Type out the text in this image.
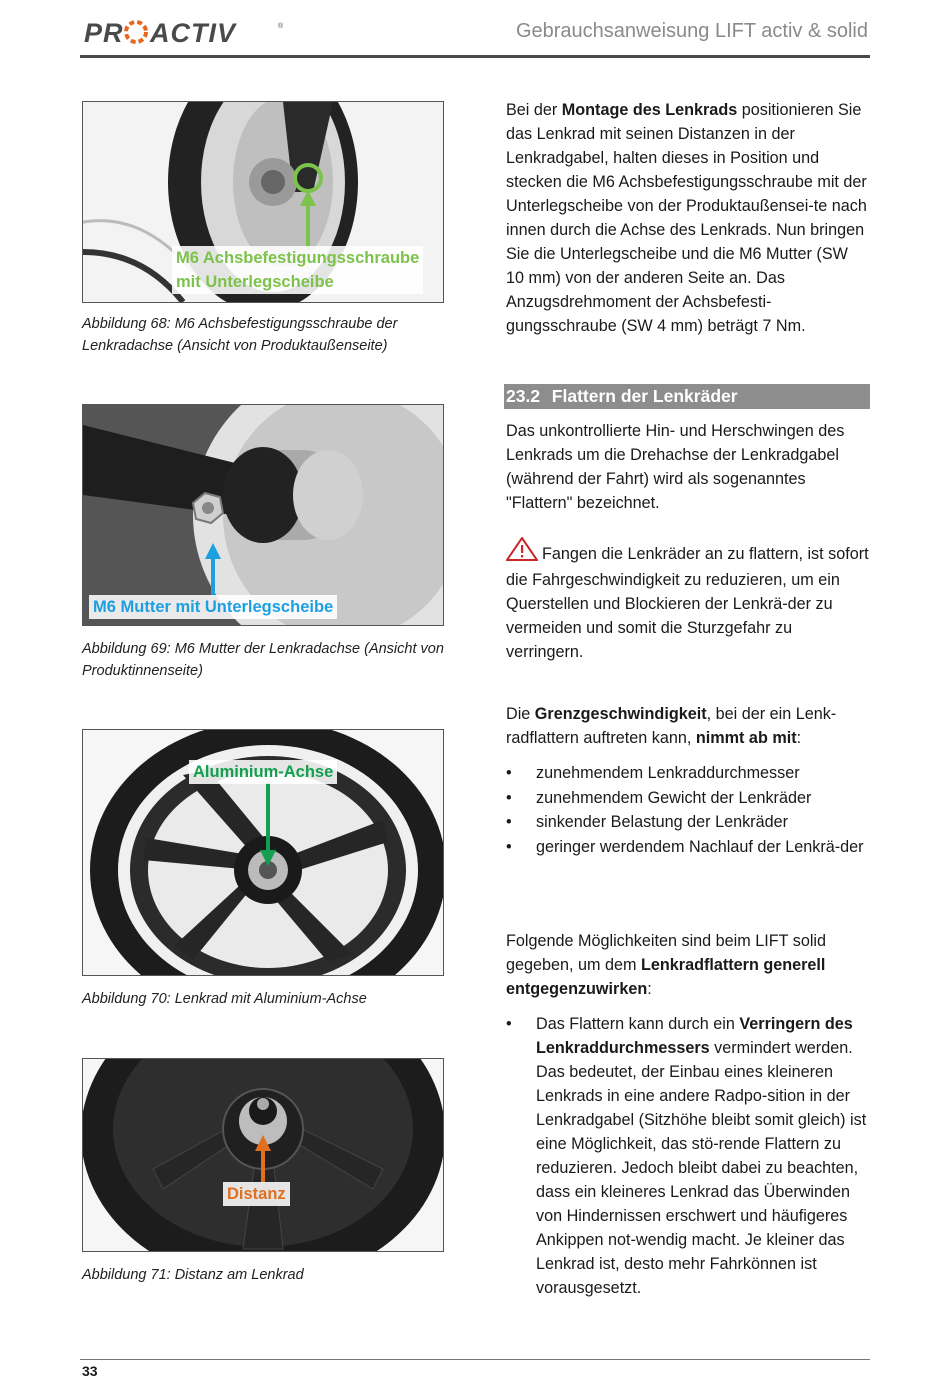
PR ACTIV	®	Gebrauchsanweisung LIFT activ & solid
M6 Achsbefestigungsschraube
mit Unterlegscheibe
Abbildung 68: M6 Achsbefestigungsschraube der Lenkradachse (Ansicht von Produktaußenseite)
M6 Mutter mit Unterlegscheibe
Abbildung 69: M6 Mutter der Lenkradachse (Ansicht von Produktinnenseite)
Aluminium-Achse
Abbildung 70: Lenkrad mit Aluminium-Achse
Distanz
Abbildung 71: Distanz am Lenkrad
Bei der Montage des Lenkrads positionieren Sie das Lenkrad mit seinen Distanzen in der Lenkradgabel, halten dieses in Position und stecken die M6 Achsbefestigungsschraube mit der Unterlegscheibe von der Produktaußensei-te nach innen durch die Achse des Lenkrads. Nun bringen Sie die Unterlegscheibe und die M6 Mutter (SW 10 mm) von der anderen Seite an. Das Anzugsdrehmoment der Achsbefesti-gungsschraube (SW 4 mm) beträgt 7 Nm.
23.2 Flattern der Lenkräder
Das unkontrollierte Hin- und Herschwingen des Lenkrads um die Drehachse der Lenkradgabel (während der Fahrt) wird als sogenanntes "Flattern" bezeichnet.
Fangen die Lenkräder an zu flattern, ist sofort die Fahrgeschwindigkeit zu reduzieren, um ein Querstellen und Blockieren der Lenkrä-der zu vermeiden und somit die Sturzgefahr zu verringern.
Die Grenzgeschwindigkeit, bei der ein Lenk-radflattern auftreten kann, nimmt ab mit:
• zunehmendem Lenkraddurchmesser
• zunehmendem Gewicht der Lenkräder
• sinkender Belastung der Lenkräder
• geringer werdendem Nachlauf der Lenkrä-der
Folgende Möglichkeiten sind beim LIFT solid gegeben, um dem Lenkradflattern generell entgegenzuwirken:
• Das Flattern kann durch ein Verringern des Lenkraddurchmessers vermindert werden. Das bedeutet, der Einbau eines kleineren Lenkrads in eine andere Radpo-sition in der Lenkradgabel (Sitzhöhe bleibt somit gleich) ist eine Möglichkeit, das stö-rende Flattern zu reduzieren. Jedoch bleibt dabei zu beachten, dass ein kleineres Lenkrad das Überwinden von Hindernissen erschwert und häufigeres Ankippen not-wendig macht. Je kleiner das Lenkrad ist, desto mehr Fahrkönnen ist vorausgesetzt.
33
